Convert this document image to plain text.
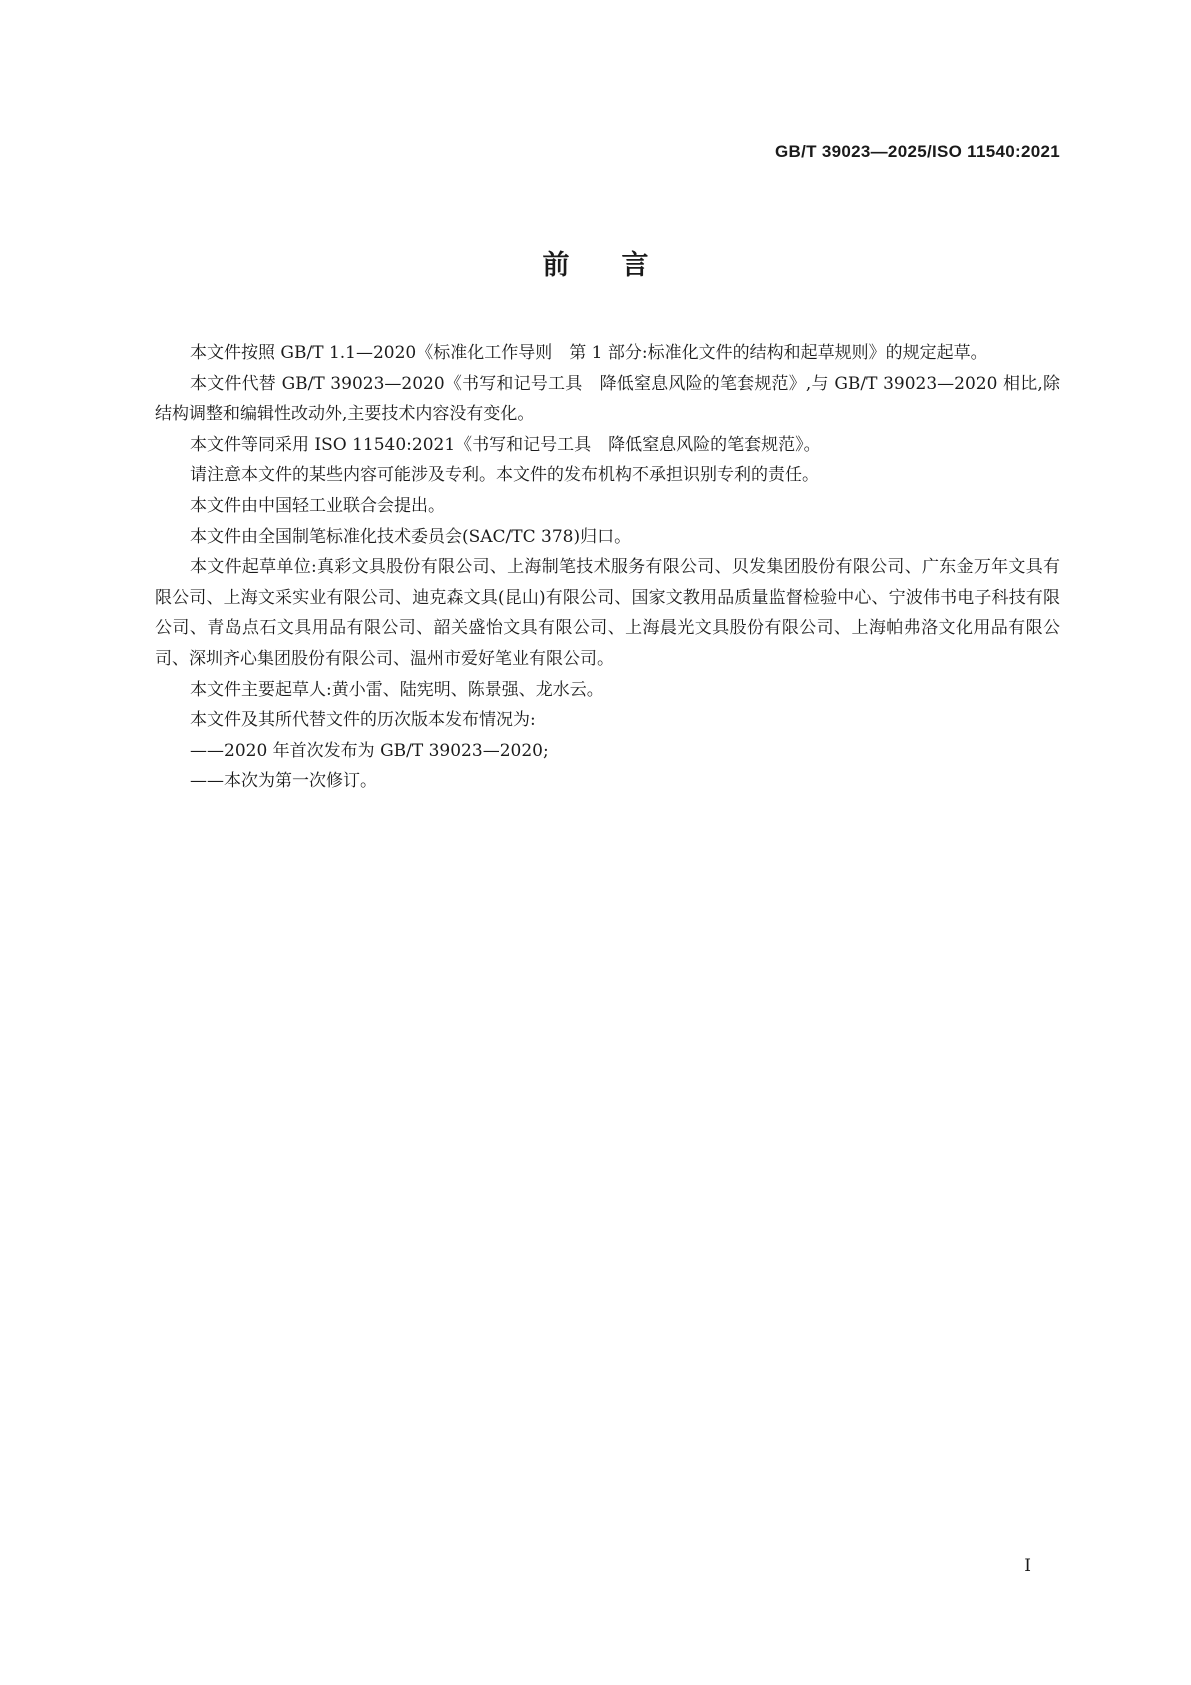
GB/T 39023—2025/ISO 11540:2021
前言

本文件按照 GB/T 1.1—2020《标准化工作导则　第 1 部分:标准化文件的结构和起草规则》的规定起草。

本文件代替 GB/T 39023—2020《书写和记号工具　降低窒息风险的笔套规范》,与 GB/T 39023—2020 相比,除结构调整和编辑性改动外,主要技术内容没有变化。

本文件等同采用 ISO 11540:2021《书写和记号工具　降低窒息风险的笔套规范》。

请注意本文件的某些内容可能涉及专利。本文件的发布机构不承担识别专利的责任。

本文件由中国轻工业联合会提出。

本文件由全国制笔标准化技术委员会(SAC/TC 378)归口。

本文件起草单位:真彩文具股份有限公司、上海制笔技术服务有限公司、贝发集团股份有限公司、广东金万年文具有限公司、上海文采实业有限公司、迪克森文具(昆山)有限公司、国家文教用品质量监督检验中心、宁波伟书电子科技有限公司、青岛点石文具用品有限公司、韶关盛怡文具有限公司、上海晨光文具股份有限公司、上海帕弗洛文化用品有限公司、深圳齐心集团股份有限公司、温州市爱好笔业有限公司。

本文件主要起草人:黄小雷、陆宪明、陈景强、龙水云。

本文件及其所代替文件的历次版本发布情况为:

——2020 年首次发布为 GB/T 39023—2020;

——本次为第一次修订。

I
